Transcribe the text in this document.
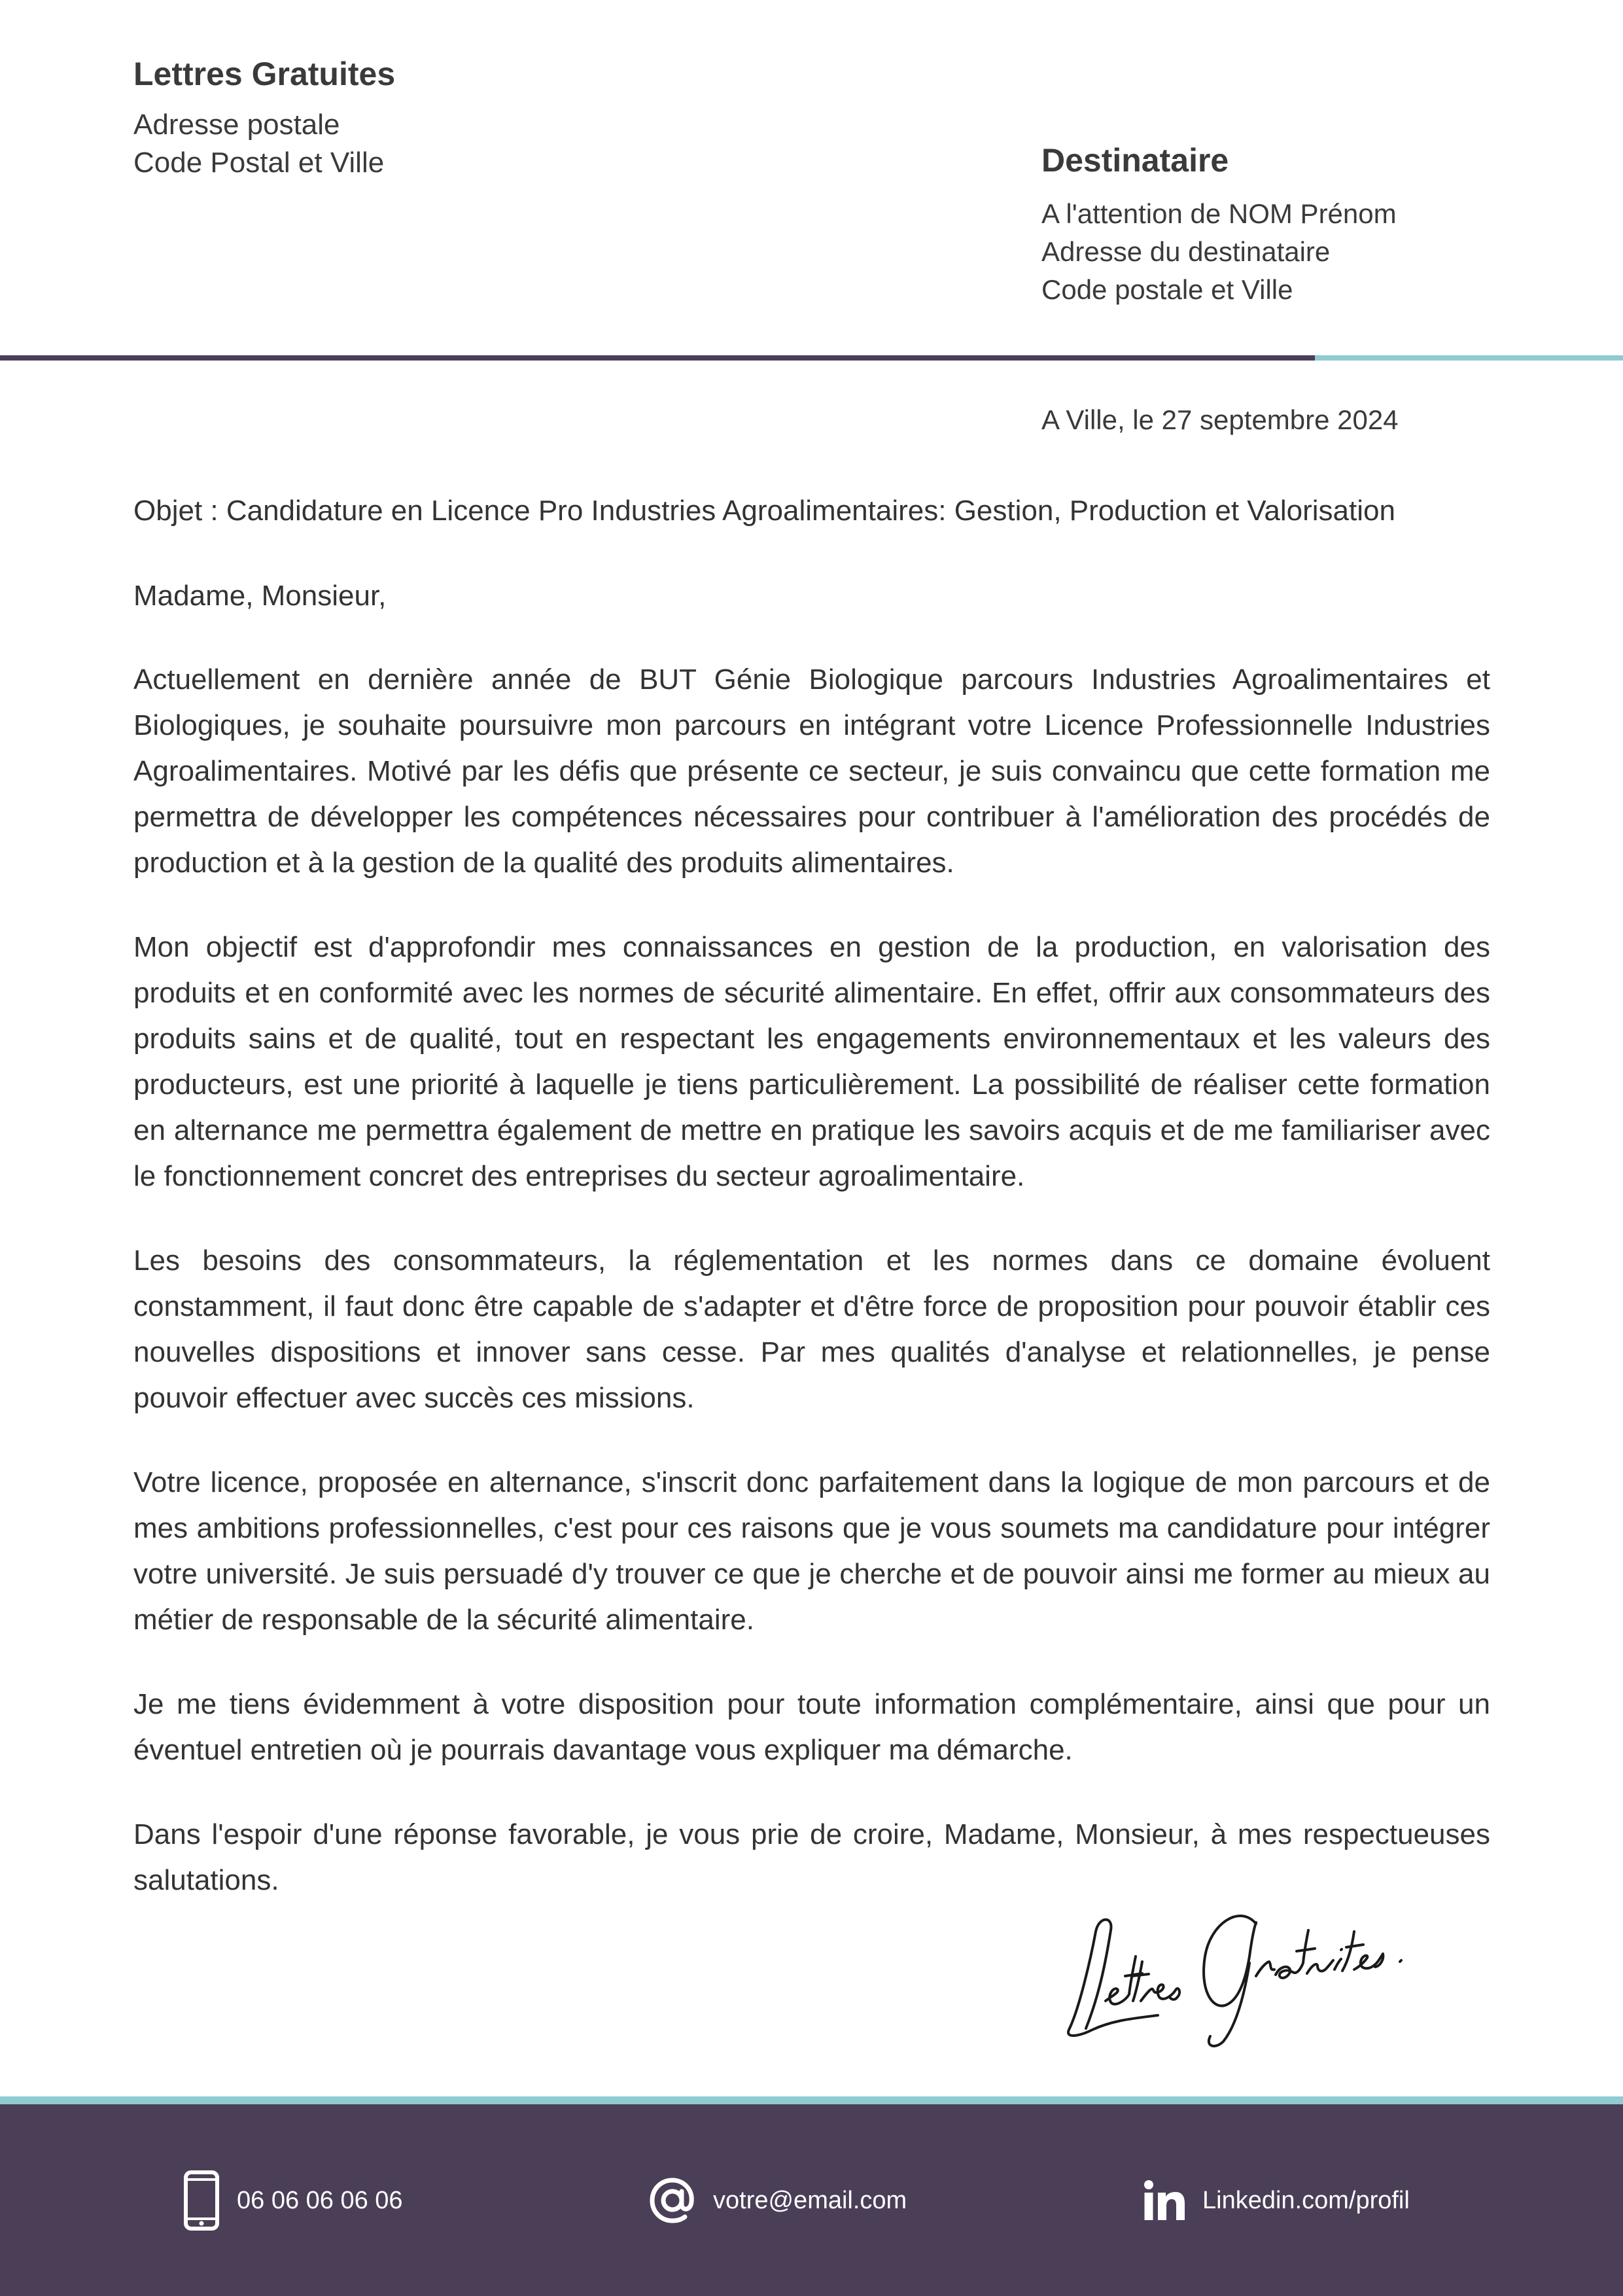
Lettres Gratuites
Adresse postale
Code Postal et Ville	Destinataire
A l'attention de NOM Prénom
Adresse du destinataire
Code postale et Ville
A Ville, le 27 septembre 2024
Objet : Candidature en Licence Pro Industries Agroalimentaires: Gestion, Production et Valorisation
Madame, Monsieur,

Actuellement en dernière année de BUT Génie Biologique parcours Industries Agroalimentaires et Biologiques, je souhaite poursuivre mon parcours en intégrant votre Licence Professionnelle Industries Agroalimentaires. Motivé par les défis que présente ce secteur, je suis convaincu que cette formation me permettra de développer les compétences nécessaires pour contribuer à l'amélioration des procédés de production et à la gestion de la qualité des produits alimentaires.

Mon objectif est d'approfondir mes connaissances en gestion de la production, en valorisation des produits et en conformité avec les normes de sécurité alimentaire. En effet, offrir aux consommateurs des produits sains et de qualité, tout en respectant les engagements environnementaux et les valeurs des producteurs, est une priorité à laquelle je tiens particulièrement. La possibilité de réaliser cette formation en alternance me permettra également de mettre en pratique les savoirs acquis et de me familiariser avec le fonctionnement concret des entreprises du secteur agroalimentaire.

Les besoins des consommateurs, la réglementation et les normes dans ce domaine évoluent constamment, il faut donc être capable de s'adapter et d'être force de proposition pour pouvoir établir ces nouvelles dispositions et innover sans cesse. Par mes qualités d'analyse et relationnelles, je pense pouvoir effectuer avec succès ces missions.

Votre licence, proposée en alternance, s'inscrit donc parfaitement dans la logique de mon parcours et de mes ambitions professionnelles, c'est pour ces raisons que je vous soumets ma candidature pour intégrer votre université. Je suis persuadé d'y trouver ce que je cherche et de pouvoir ainsi me former au mieux au métier de responsable de la sécurité alimentaire.

Je me tiens évidemment à votre disposition pour toute information complémentaire, ainsi que pour un éventuel entretien où je pourrais davantage vous expliquer ma démarche.

Dans l'espoir d'une réponse favorable, je vous prie de croire, Madame, Monsieur, à mes respectueuses salutations.

06 06 06 06 06	votre@email.com	Linkedin.com/profil
